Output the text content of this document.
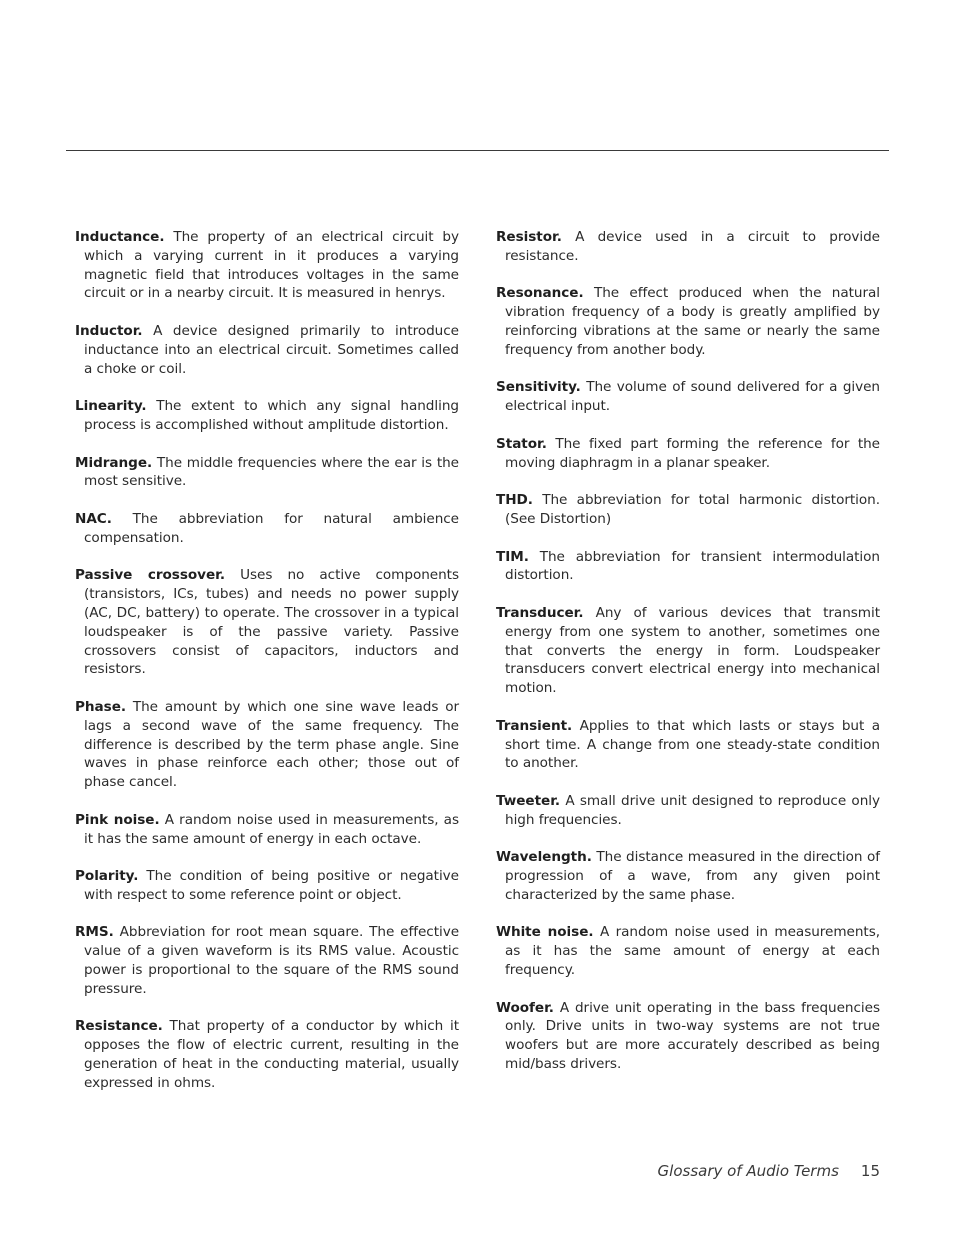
Inductance. The property of an electrical circuit by which a varying current in it produces a varying magnetic field that introduces voltages in the same circuit or in a nearby circuit. It is measured in henrys.

Inductor. A device designed primarily to introduce inductance into an electrical circuit. Sometimes called a choke or coil.

Linearity. The extent to which any signal handling process is accomplished without amplitude distortion.

Midrange. The middle frequencies where the ear is the most sensitive.

NAC. The abbreviation for natural ambience compensation.

Passive crossover. Uses no active components (transistors, ICs, tubes) and needs no power supply (AC, DC, battery) to operate. The crossover in a typical loudspeaker is of the passive variety. Passive crossovers consist of capacitors, inductors and resistors.

Phase. The amount by which one sine wave leads or lags a second wave of the same frequency. The difference is described by the term phase angle. Sine waves in phase reinforce each other; those out of phase cancel.

Pink noise. A random noise used in measurements, as it has the same amount of energy in each octave.

Polarity. The condition of being positive or negative with respect to some reference point or object.

RMS. Abbreviation for root mean square. The effective value of a given waveform is its RMS value. Acoustic power is proportional to the square of the RMS sound pressure.

Resistance. That property of a conductor by which it opposes the flow of electric current, resulting in the generation of heat in the conducting material, usually expressed in ohms.

Resistor. A device used in a circuit to provide resistance.

Resonance. The effect produced when the natural vibration frequency of a body is greatly amplified by reinforcing vibrations at the same or nearly the same frequency from another body.

Sensitivity. The volume of sound delivered for a given electrical input.

Stator. The fixed part forming the reference for the moving diaphragm in a planar speaker.

THD. The abbreviation for total harmonic distortion. (See Distortion)

TIM. The abbreviation for transient intermodulation distortion.

Transducer. Any of various devices that transmit energy from one system to another, sometimes one that converts the energy in form. Loudspeaker transducers convert electrical energy into mechanical motion.

Transient. Applies to that which lasts or stays but a short time. A change from one steady-state condition to another.

Tweeter. A small drive unit designed to reproduce only high frequencies.

Wavelength. The distance measured in the direction of progression of a wave, from any given point characterized by the same phase.

White noise. A random noise used in measurements, as it has the same amount of energy at each frequency.

Woofer. A drive unit operating in the bass frequencies only. Drive units in two-way systems are not true woofers but are more accurately described as being mid/bass drivers.

Glossary of Audio Terms 15
